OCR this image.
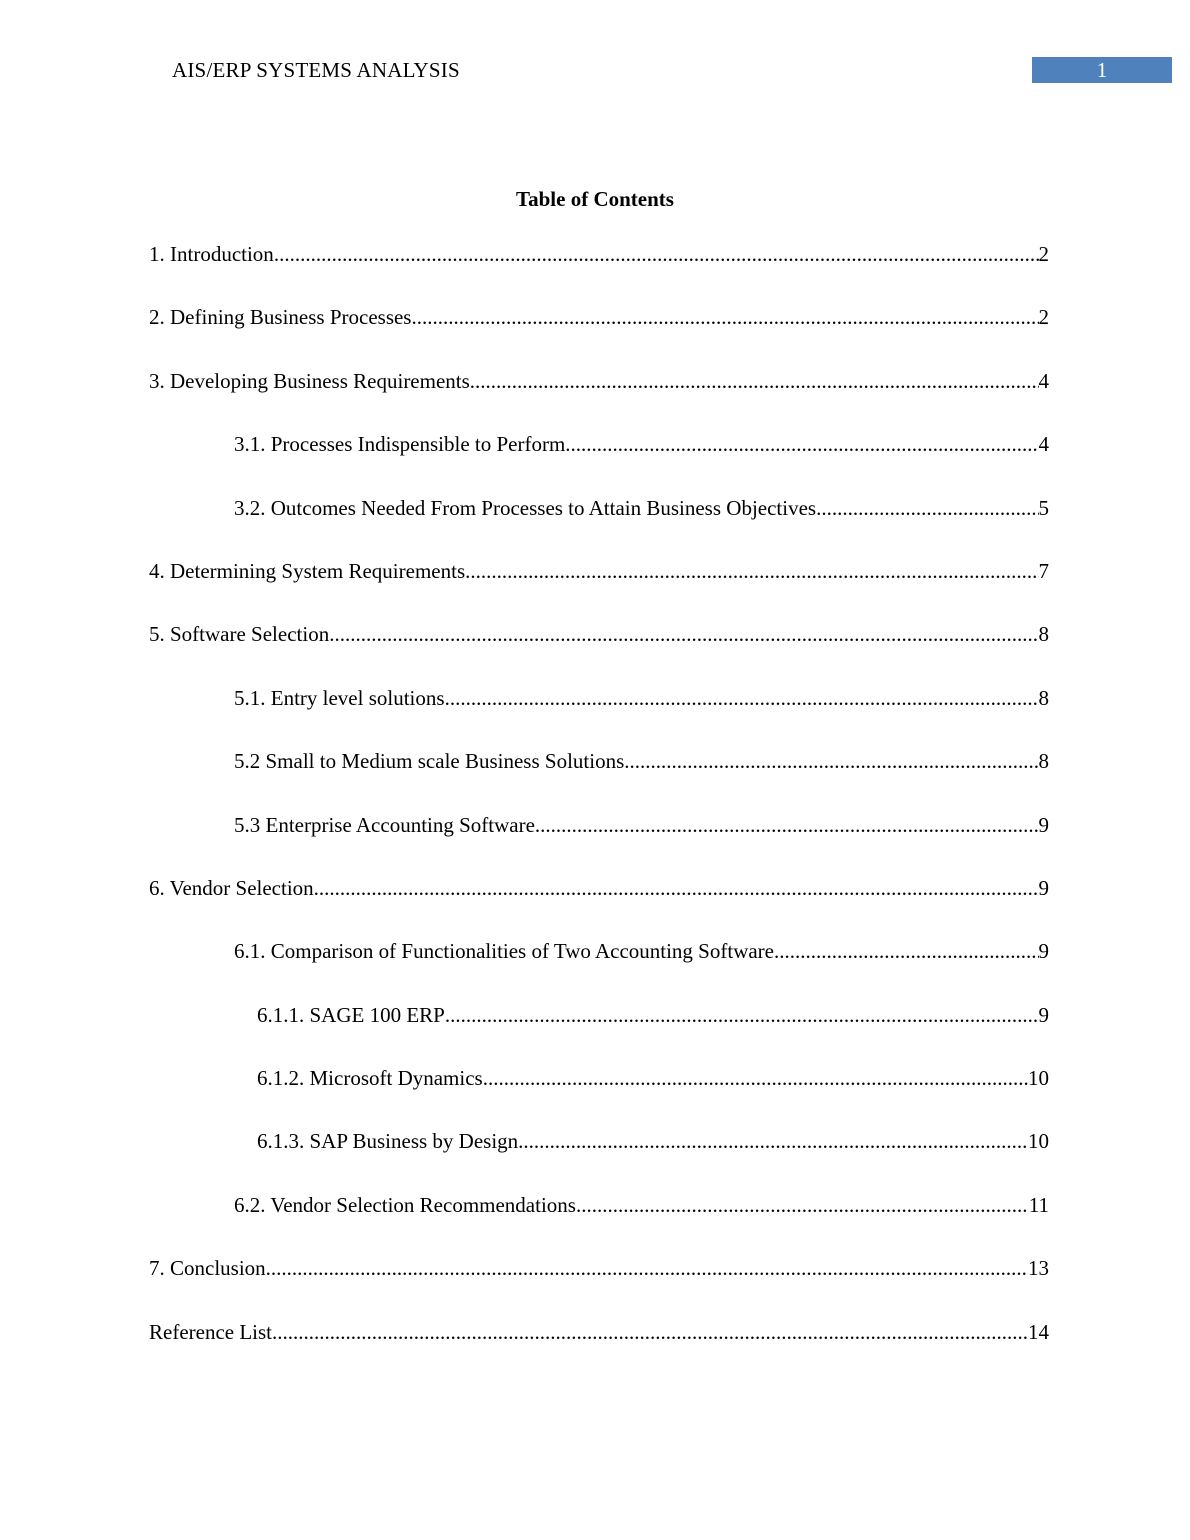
AIS/ERP SYSTEMS ANALYSIS	1
Table of Contents
1. Introduction .....	2
2. Defining Business Processes .....	2
3. Developing Business Requirements .....	4
3.1. Processes Indispensible to Perform .....	4
3.2. Outcomes Needed From Processes to Attain Business Objectives .....	5
4. Determining System Requirements .....	7
5. Software Selection .....	8
5.1. Entry level solutions .....	8
5.2 Small to Medium scale Business Solutions .....	8
5.3 Enterprise Accounting Software .....	9
6. Vendor Selection .....	9
6.1. Comparison of Functionalities of Two Accounting Software .....	9
6.1.1. SAGE 100 ERP .....	9
6.1.2. Microsoft Dynamics .....	10
6.1.3. SAP Business by Design .....	10
6.2. Vendor Selection Recommendations .....	11
7. Conclusion .....	13
Reference List .....	14
